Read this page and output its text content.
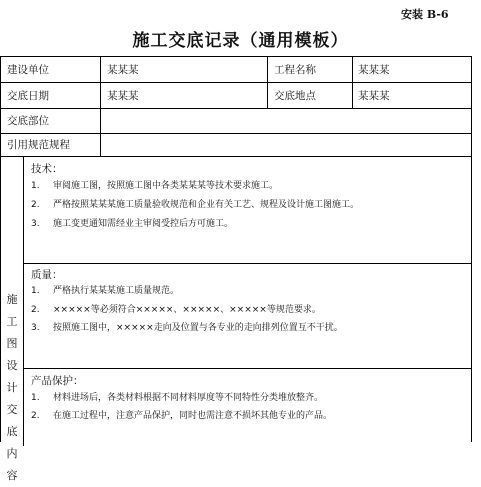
安装 B-6
施工交底记录（通用模板）
建设单位	某某某	工程名称	某某某
交底日期	某某某	交底地点	某某某
交底部位
引用规范规程
施
工
图
设
计
交
底
内
容
技术：
1. 审阅施工图，按照施工图中各类某某某等技术要求施工。
2. 严格按照某某某施工质量验收规范和企业有关工艺、规程及设计施工图施工。
3. 施工变更通知需经业主审阅受控后方可施工。
质量：
1. 严格执行某某某施工质量规范。
2. ×××××等必须符合×××××、×××××、×××××等规范要求。
3. 按照施工图中，×××××走向及位置与各专业的走向排列位置互不干扰。
产品保护：
1. 材料进场后，各类材料根据不同材料厚度等不同特性分类堆放整齐。
2. 在施工过程中，注意产品保护，同时也需注意不损坏其他专业的产品。
